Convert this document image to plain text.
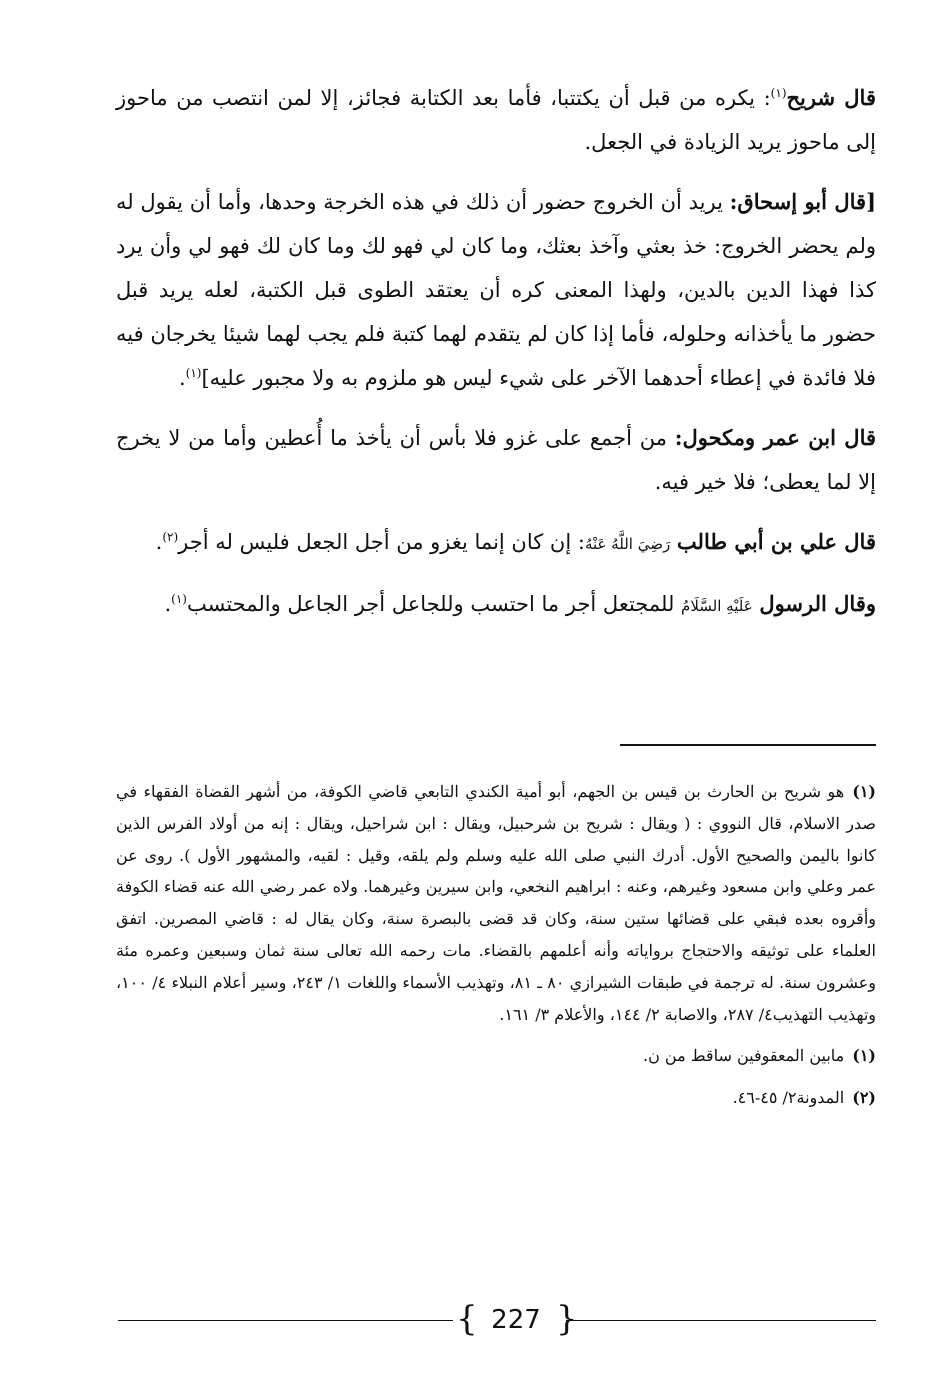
قال شريح$^{(١)}$: يكره من قبل أن يكتتبا، فأما بعد الكتابة فجائز، إلا لمن انتصب من ماحوز إلى ماحوز يريد الزيادة في الجعل.

[قال أبو إسحاق: يريد أن الخروج حضور أن ذلك في هذه الخرجة وحدها، وأما أن يقول له ولم يحضر الخروج: خذ بعثي وآخذ بعثك، وما كان لي فهو لك وما كان لك فهو لي وأن يرد كذا فهذا الدين بالدين، ولهذا المعنى كره أن يعتقد الطوى قبل الكتبة، لعله يريد قبل حضور ما يأخذانه وحلوله، فأما إذا كان لم يتقدم لهما كتبة فلم يجب لهما شيئا يخرجان فيه فلا فائدة في إعطاء أحدهما الآخر على شيء ليس هو ملزوم به ولا مجبور عليه]$^{(١)}$.

قال ابن عمر ومكحول: من أجمع على غزو فلا بأس أن يأخذ ما أُعطين وأما من لا يخرج إلا لما يعطى؛ فلا خير فيه.

قال علي بن أبي طالب رَضِيَ اللَّهُ عَنْهُ: إن كان إنما يغزو من أجل الجعل فليس له أجر$^{(٢)}$.

وقال الرسول عَلَيْهِ السَّلَامُ للمجتعل أجر ما احتسب وللجاعل أجر الجاعل والمحتسب$^{(١)}$.

(١)هو شريح بن الحارث بن قيس بن الجهم، أبو أمية الكندي التابعي قاضي الكوفة، من أشهر القضاة الفقهاء في صدر الاسلام، قال النووي : ( ويقال : شريح بن شرحبيل، ويقال : ابن شراحيل، ويقال : إنه من أولاد الفرس الذين كانوا باليمن والصحيح الأول. أدرك النبي صلى الله عليه وسلم ولم يلقه، وقيل : لقيه، والمشهور الأول ). روى عن عمر وعلي وابن مسعود وغيرهم، وعنه : ابراهيم النخعي، وابن سيرين وغيرهما. ولاه عمر رضي الله عنه قضاء الكوفة وأقروه بعده فبقي على قضائها ستين سنة، وكان قد قضى بالبصرة سنة، وكان يقال له : قاضي المصرين. اتفق العلماء على توثيقه والاحتجاج برواياته وأنه أعلمهم بالقضاء. مات رحمه الله تعالى سنة ثمان وسبعين وعمره مئة وعشرون سنة. له ترجمة في طبقات الشيرازي ٨٠ ـ ٨١، وتهذيب الأسماء واللغات ١/ ٢٤٣، وسير أعلام النبلاء ٤/ ١٠٠، وتهذيب التهذيب٤/ ٢٨٧، والاصابة ٢/ ١٤٤، والأعلام ٣/ ١٦١.

(١)مابين المعقوفين ساقط من ن.

(٢)المدونة٢/ ٤٥-٤٦.

{ 227 }
